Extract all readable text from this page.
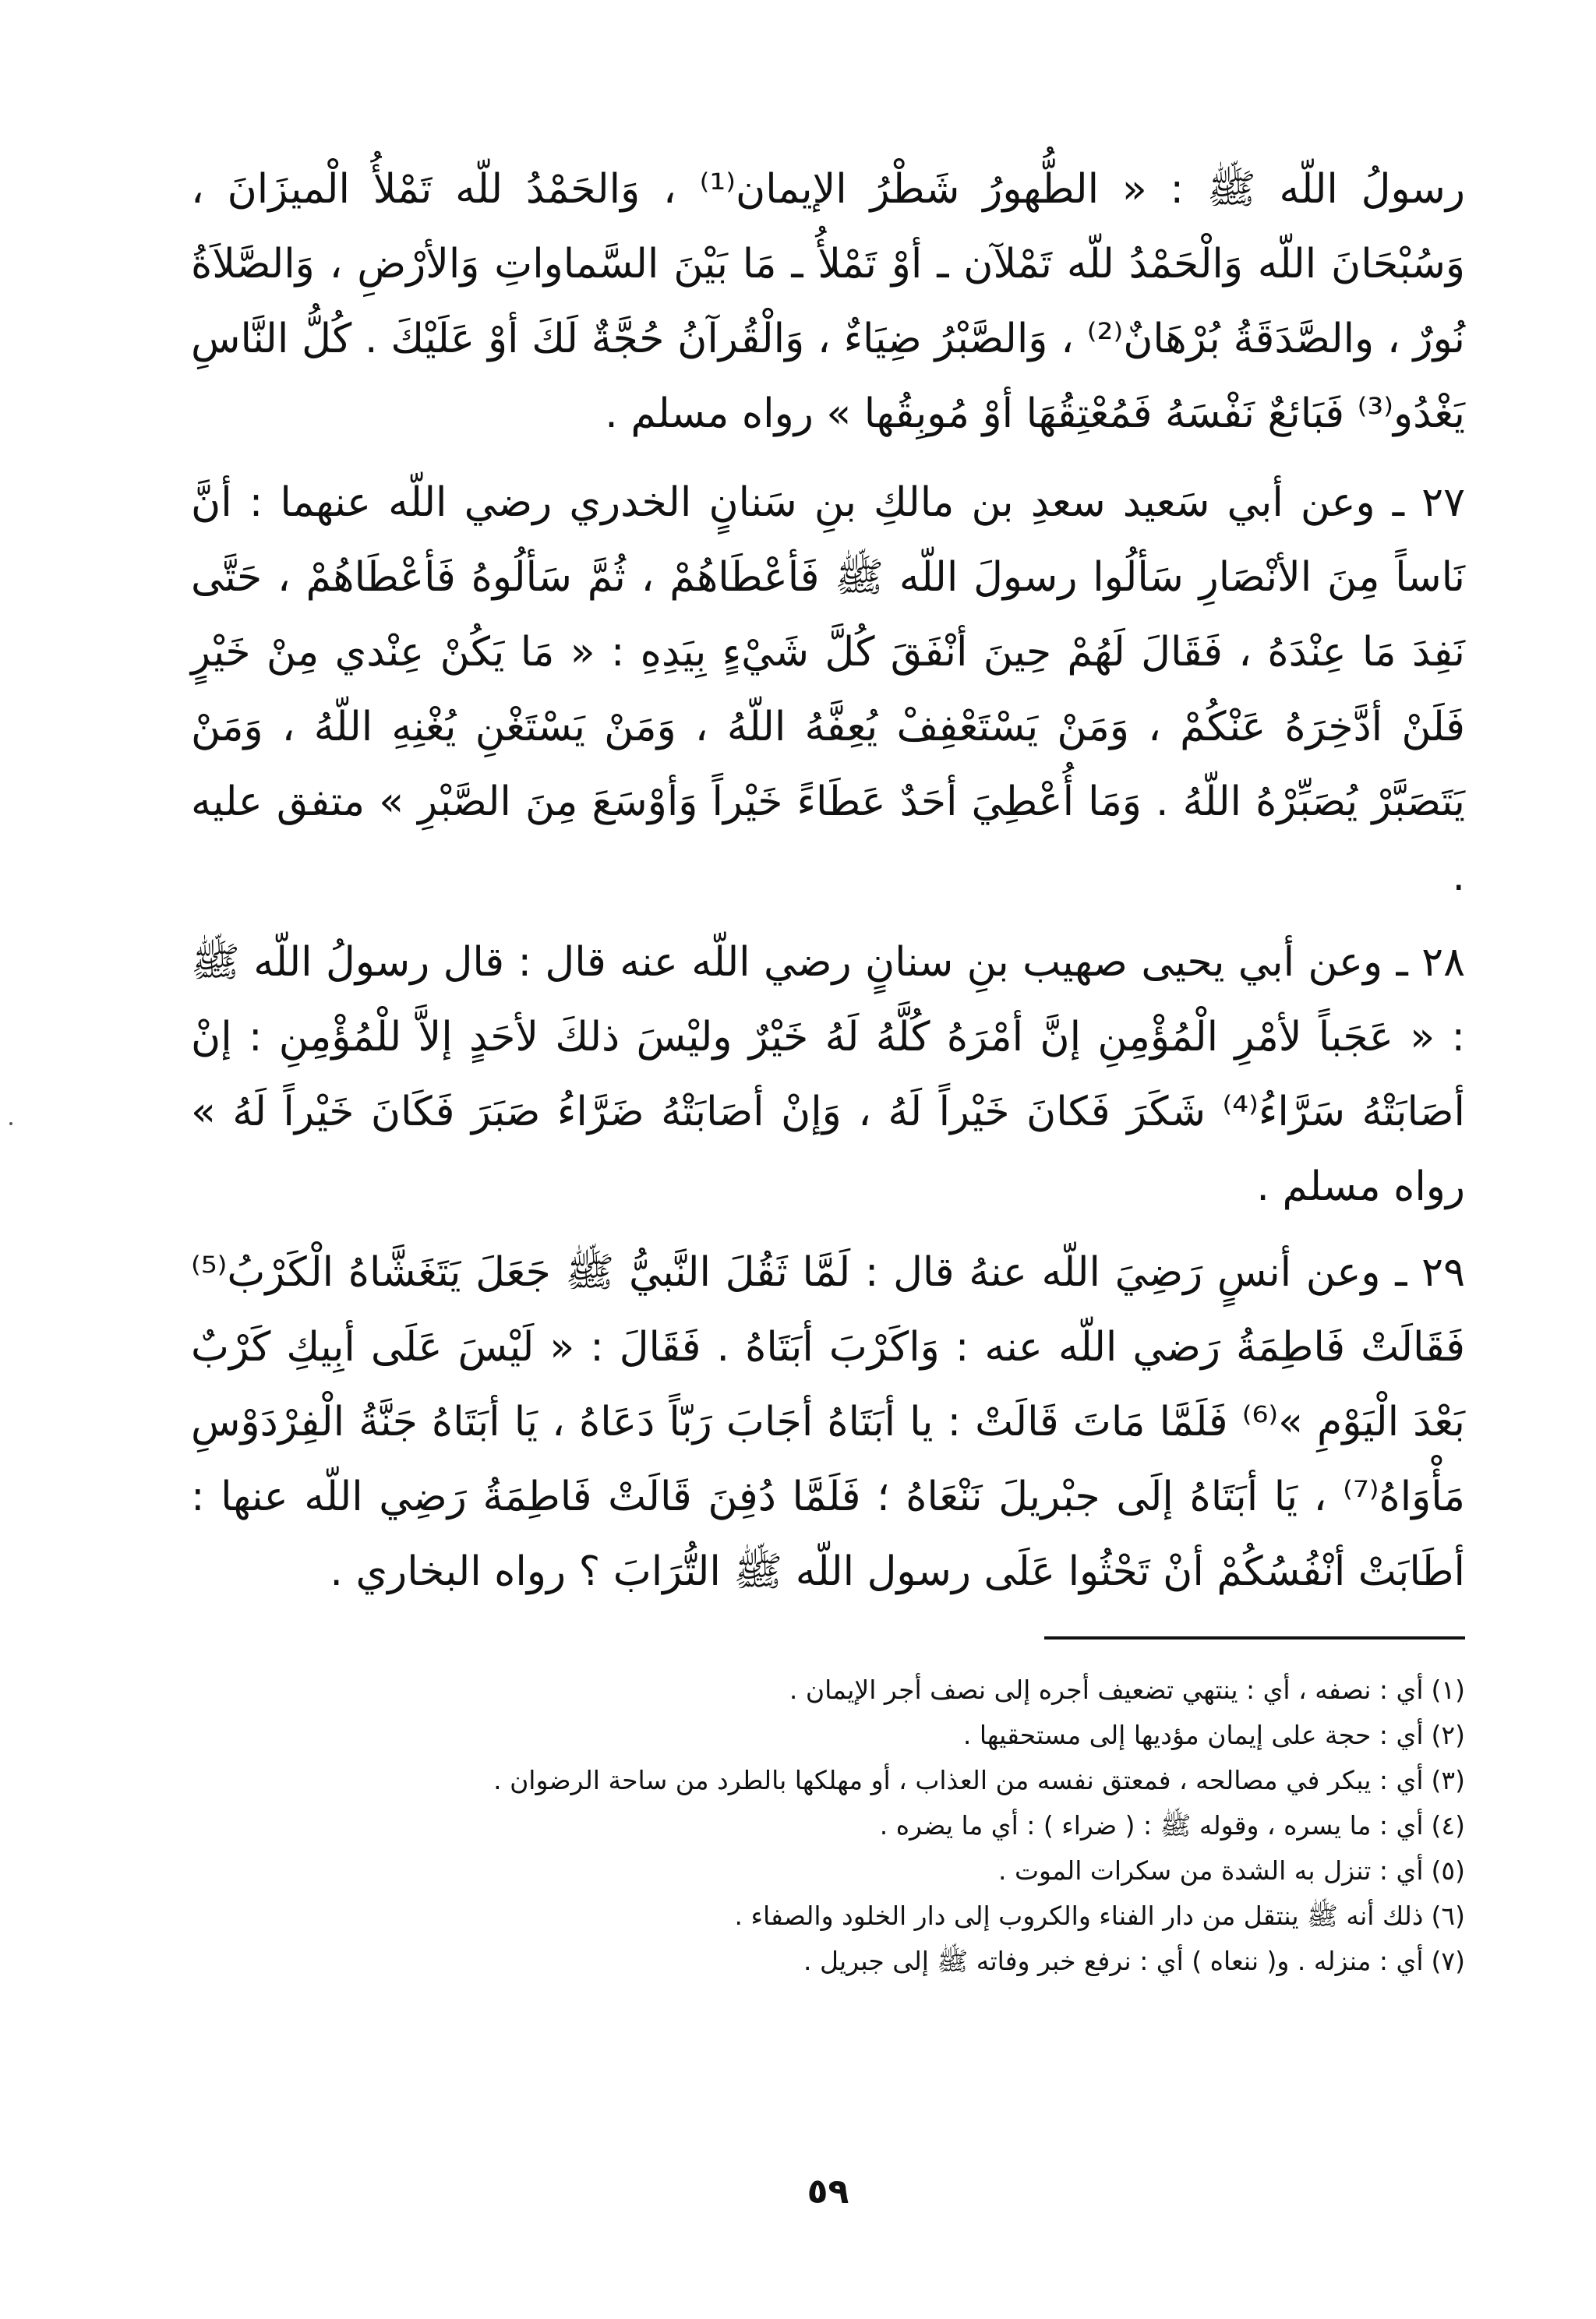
رسولُ اللّه ﷺ : « الطُّهورُ شَطْرُ الإيمان⁽¹⁾ ، وَالحَمْدُ للّه تَمْلأُ الْميزَانَ ، وَسُبْحَانَ اللّه وَالْحَمْدُ للّه تَمْلآن ـ أوْ تَمْلأُ ـ مَا بَيْنَ السَّماواتِ وَالأرْضِ ، وَالصَّلاَةُ نُورٌ ، والصَّدَقَةُ بُرْهَانٌ⁽²⁾ ، وَالصَّبْرُ ضِيَاءٌ ، وَالْقُرآنُ حُجَّةٌ لَكَ أوْ عَلَيْكَ . كُلُّ النَّاسِ يَغْدُو⁽³⁾ فَبَائعٌ نَفْسَهُ فَمُعْتِقُهَا أوْ مُوبِقُها » رواه مسلم .

٢٧ ـ وعن أبي سَعيد سعدِ بن مالكِ بنِ سَنانٍ الخدري رضي اللّه عنهما : أنَّ نَاساً مِنَ الأنْصَارِ سَألُوا رسولَ اللّه ﷺ فَأعْطَاهُمْ ، ثُمَّ سَألُوهُ فَأعْطَاهُمْ ، حَتَّى نَفِدَ مَا عِنْدَهُ ، فَقَالَ لَهُمْ حِينَ أنْفَقَ كُلَّ شَيْءٍ بِيَدِهِ : « مَا يَكُنْ عِنْدي مِنْ خَيْرٍ فَلَنْ أدَّخِرَهُ عَنْكُمْ ، وَمَنْ يَسْتَعْفِفْ يُعِفَّهُ اللّهُ ، وَمَنْ يَسْتَغْنِ يُغْنِهِ اللّهُ ، وَمَنْ يَتَصَبَّرْ يُصَبِّرْهُ اللّهُ . وَمَا أُعْطِيَ أحَدٌ عَطَاءً خَيْراً وَأوْسَعَ مِنَ الصَّبْرِ » متفق عليه .

٢٨ ـ وعن أبي يحيى صهيب بنِ سنانٍ رضي اللّه عنه قال : قال رسولُ اللّه ﷺ : « عَجَباً لأمْرِ الْمُؤْمِنِ إنَّ أمْرَهُ كُلَّهُ لَهُ خَيْرٌ وليْسَ ذلكَ لأحَدٍ إلاَّ للْمُؤْمِنِ : إنْ أصَابَتْهُ سَرَّاءُ⁽⁴⁾ شَكَرَ فَكانَ خَيْراً لَهُ ، وَإنْ أصَابَتْهُ ضَرَّاءُ صَبَرَ فَكَانَ خَيْراً لَهُ » رواه مسلم .

٢٩ ـ وعن أنسٍ رَضِيَ اللّه عنهُ قال : لَمَّا ثَقُلَ النَّبيُّ ﷺ جَعَلَ يَتَغَشَّاهُ الْكَرْبُ⁽⁵⁾ فَقَالَتْ فَاطِمَةُ رَضي اللّه عنه : وَاكَرْبَ أبَتَاهُ . فَقَالَ : « لَيْسَ عَلَى أبِيكِ كَرْبٌ بَعْدَ الْيَوْمِ »⁽⁶⁾ فَلَمَّا مَاتَ قَالَتْ : يا أبَتَاهُ أجَابَ رَبّاً دَعَاهُ ، يَا أبَتَاهُ جَنَّةُ الْفِرْدَوْسِ مَأْوَاهُ⁽⁷⁾ ، يَا أبَتَاهُ إلَى جبْريلَ نَنْعَاهُ ؛ فَلَمَّا دُفِنَ قَالَتْ فَاطِمَةُ رَضِي اللّه عنها : أطَابَتْ أنْفُسُكُمْ أنْ تَحْثُوا عَلَى رسول اللّه ﷺ التُّرَابَ ؟ رواه البخاري .

(١)أي : نصفه ، أي : ينتهي تضعيف أجره إلى نصف أجر الإيمان .
(٢)أي : حجة على إيمان مؤديها إلى مستحقيها .
(٣)أي : يبكر في مصالحه ، فمعتق نفسه من العذاب ، أو مهلكها بالطرد من ساحة الرضوان .
(٤)أي : ما يسره ، وقوله ﷺ : ( ضراء ) : أي ما يضره .
(٥)أي : تنزل به الشدة من سكرات الموت .
(٦)ذلك أنه ﷺ ينتقل من دار الفناء والكروب إلى دار الخلود والصفاء .
(٧)أي : منزله . و( ننعاه ) أي : نرفع خبر وفاته ﷺ إلى جبريل .
٥٩
